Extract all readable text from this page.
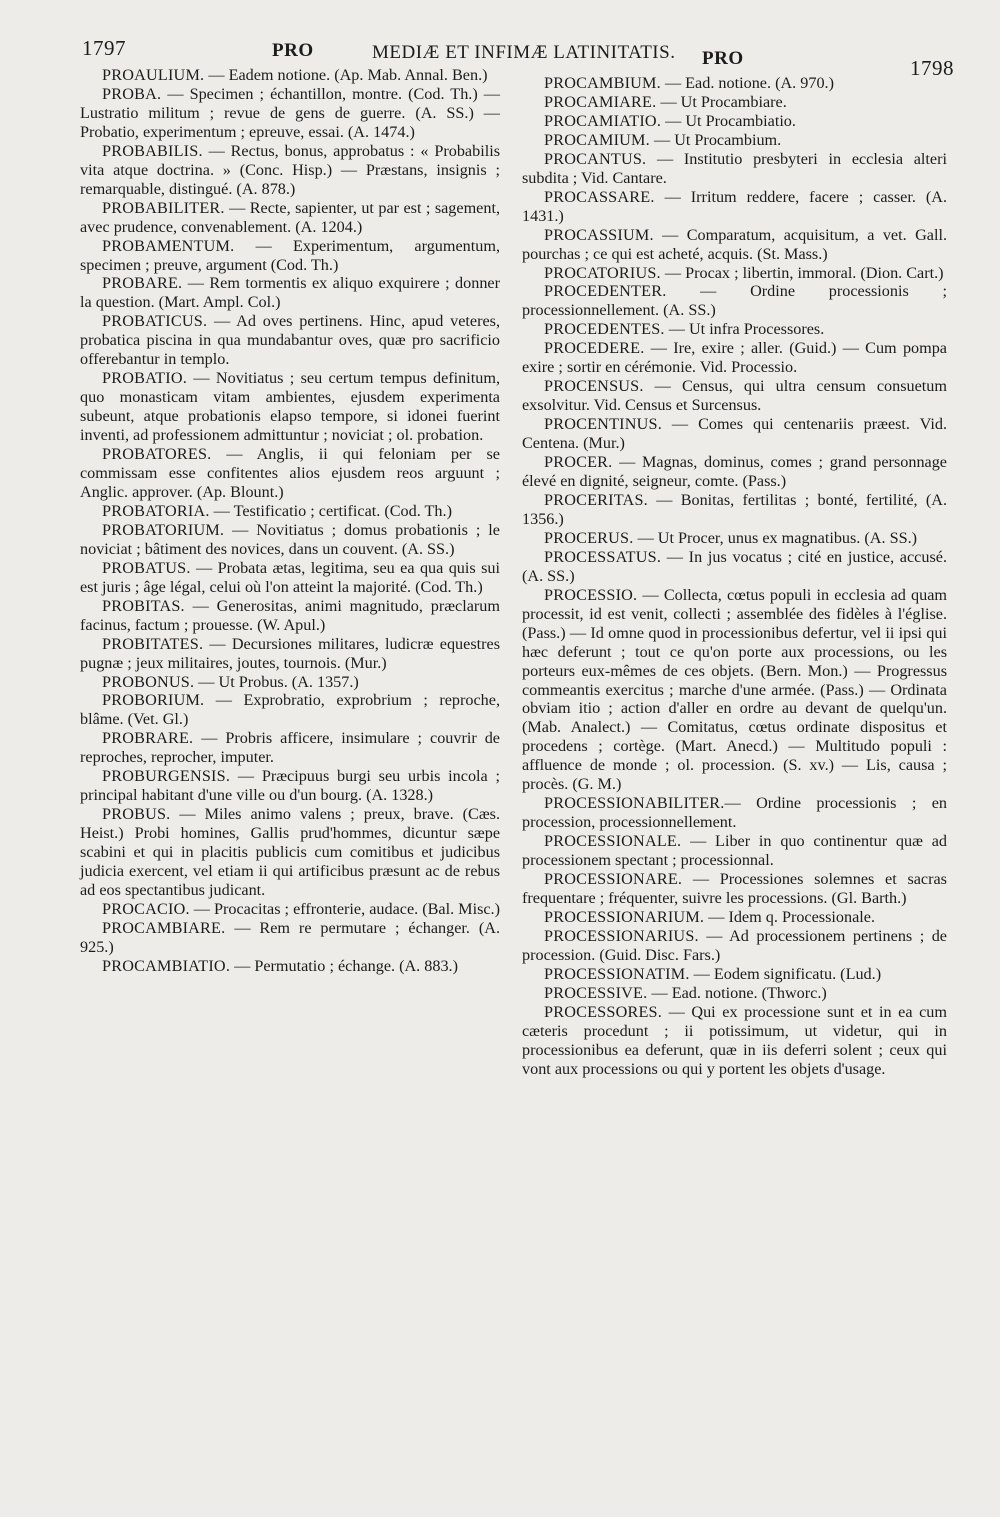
1797	PRO	MEDIÆ ET INFIMÆ LATINITATIS. PRO	1798

PROAULIUM. — Eadem notione. (Ap. Mab. Annal. Ben.)

PROBA. — Specimen ; échantillon, montre. (Cod. Th.) — Lustratio militum ; revue de gens de guerre. (A. SS.) — Probatio, experimentum ; epreuve, essai. (A. 1474.)

PROBABILIS. — Rectus, bonus, approbatus : « Probabilis vita atque doctrina. » (Conc. Hisp.) — Præstans, insignis ; remarquable, distingué. (A. 878.)

PROBABILITER. — Recte, sapienter, ut par est ; sagement, avec prudence, convenablement. (A. 1204.)

PROBAMENTUM. — Experimentum, argumentum, specimen ; preuve, argument (Cod. Th.)

PROBARE. — Rem tormentis ex aliquo exquirere ; donner la question. (Mart. Ampl. Col.)

PROBATICUS. — Ad oves pertinens. Hinc, apud veteres, probatica piscina in qua mundabantur oves, quæ pro sacrificio offerebantur in templo.

PROBATIO. — Novitiatus ; seu certum tempus definitum, quo monasticam vitam ambientes, ejusdem experimenta subeunt, atque probationis elapso tempore, si idonei fuerint inventi, ad professionem admittuntur ; noviciat ; ol. probation.

PROBATORES. — Anglis, ii qui feloniam per se commissam esse confitentes alios ejusdem reos arguunt ; Anglic. approver. (Ap. Blount.)

PROBATORIA. — Testificatio ; certificat. (Cod. Th.)

PROBATORIUM. — Novitiatus ; domus probationis ; le noviciat ; bâtiment des novices, dans un couvent. (A. SS.)

PROBATUS. — Probata ætas, legitima, seu ea qua quis sui est juris ; âge légal, celui où l'on atteint la majorité. (Cod. Th.)

PROBITAS. — Generositas, animi magnitudo, præclarum facinus, factum ; prouesse. (W. Apul.)

PROBITATES. — Decursiones militares, ludicræ equestres pugnæ ; jeux militaires, joutes, tournois. (Mur.)

PROBONUS. — Ut Probus. (A. 1357.)

PROBORIUM. — Exprobratio, exprobrium ; reproche, blâme. (Vet. Gl.)

PROBRARE. — Probris afficere, insimulare ; couvrir de reproches, reprocher, imputer.

PROBURGENSIS. — Præcipuus burgi seu urbis incola ; principal habitant d'une ville ou d'un bourg. (A. 1328.)

PROBUS. — Miles animo valens ; preux, brave. (Cæs. Heist.) Probi homines, Gallis prud'hommes, dicuntur sæpe scabini et qui in placitis publicis cum comitibus et judicibus judicia exercent, vel etiam ii qui artificibus præsunt ac de rebus ad eos spectantibus judicant.

PROCACIO. — Procacitas ; effronterie, audace. (Bal. Misc.)

PROCAMBIARE. — Rem re permutare ; échanger. (A. 925.)

PROCAMBIATIO. — Permutatio ; échange. (A. 883.)

PROCAMBIUM. — Ead. notione. (A. 970.)

PROCAMIARE. — Ut Procambiare.

PROCAMIATIO. — Ut Procambiatio.

PROCAMIUM. — Ut Procambium.

PROCANTUS. — Institutio presbyteri in ecclesia alteri subdita ; Vid. Cantare.

PROCASSARE. — Irritum reddere, facere ; casser. (A. 1431.)

PROCASSIUM. — Comparatum, acquisitum, a vet. Gall. pourchas ; ce qui est acheté, acquis. (St. Mass.)

PROCATORIUS. — Procax ; libertin, immoral. (Dion. Cart.)

PROCEDENTER. — Ordine processionis ; processionnellement. (A. SS.)

PROCEDENTES. — Ut infra Processores.

PROCEDERE. — Ire, exire ; aller. (Guid.) — Cum pompa exire ; sortir en cérémonie. Vid. Processio.

PROCENSUS. — Census, qui ultra censum consuetum exsolvitur. Vid. Census et Surcensus.

PROCENTINUS. — Comes qui centenariis præest. Vid. Centena. (Mur.)

PROCER. — Magnas, dominus, comes ; grand personnage élevé en dignité, seigneur, comte. (Pass.)

PROCERITAS. — Bonitas, fertilitas ; bonté, fertilité, (A. 1356.)

PROCERUS. — Ut Procer, unus ex magnatibus. (A. SS.)

PROCESSATUS. — In jus vocatus ; cité en justice, accusé. (A. SS.)

PROCESSIO. — Collecta, cœtus populi in ecclesia ad quam processit, id est venit, collecti ; assemblée des fidèles à l'église. (Pass.) — Id omne quod in processionibus defertur, vel ii ipsi qui hæc deferunt ; tout ce qu'on porte aux processions, ou les porteurs eux-mêmes de ces objets. (Bern. Mon.) — Progressus commeantis exercitus ; marche d'une armée. (Pass.) — Ordinata obviam itio ; action d'aller en ordre au devant de quelqu'un. (Mab. Analect.) — Comitatus, cœtus ordinate dispositus et procedens ; cortège. (Mart. Anecd.) — Multitudo populi : affluence de monde ; ol. procession. (S. xv.) — Lis, causa ; procès. (G. M.)

PROCESSIONABILITER.— Ordine processionis ; en procession, processionnellement.

PROCESSIONALE. — Liber in quo continentur quæ ad processionem spectant ; processionnal.

PROCESSIONARE. — Processiones solemnes et sacras frequentare ; fréquenter, suivre les processions. (Gl. Barth.)

PROCESSIONARIUM. — Idem q. Processionale.

PROCESSIONARIUS. — Ad processionem pertinens ; de procession. (Guid. Disc. Fars.)

PROCESSIONATIM. — Eodem significatu. (Lud.)

PROCESSIVE. — Ead. notione. (Thworc.)

PROCESSORES. — Qui ex processione sunt et in ea cum cæteris procedunt ; ii potissimum, ut videtur, qui in processionibus ea deferunt, quæ in iis deferri solent ; ceux qui vont aux processions ou qui y portent les objets d'usage.
